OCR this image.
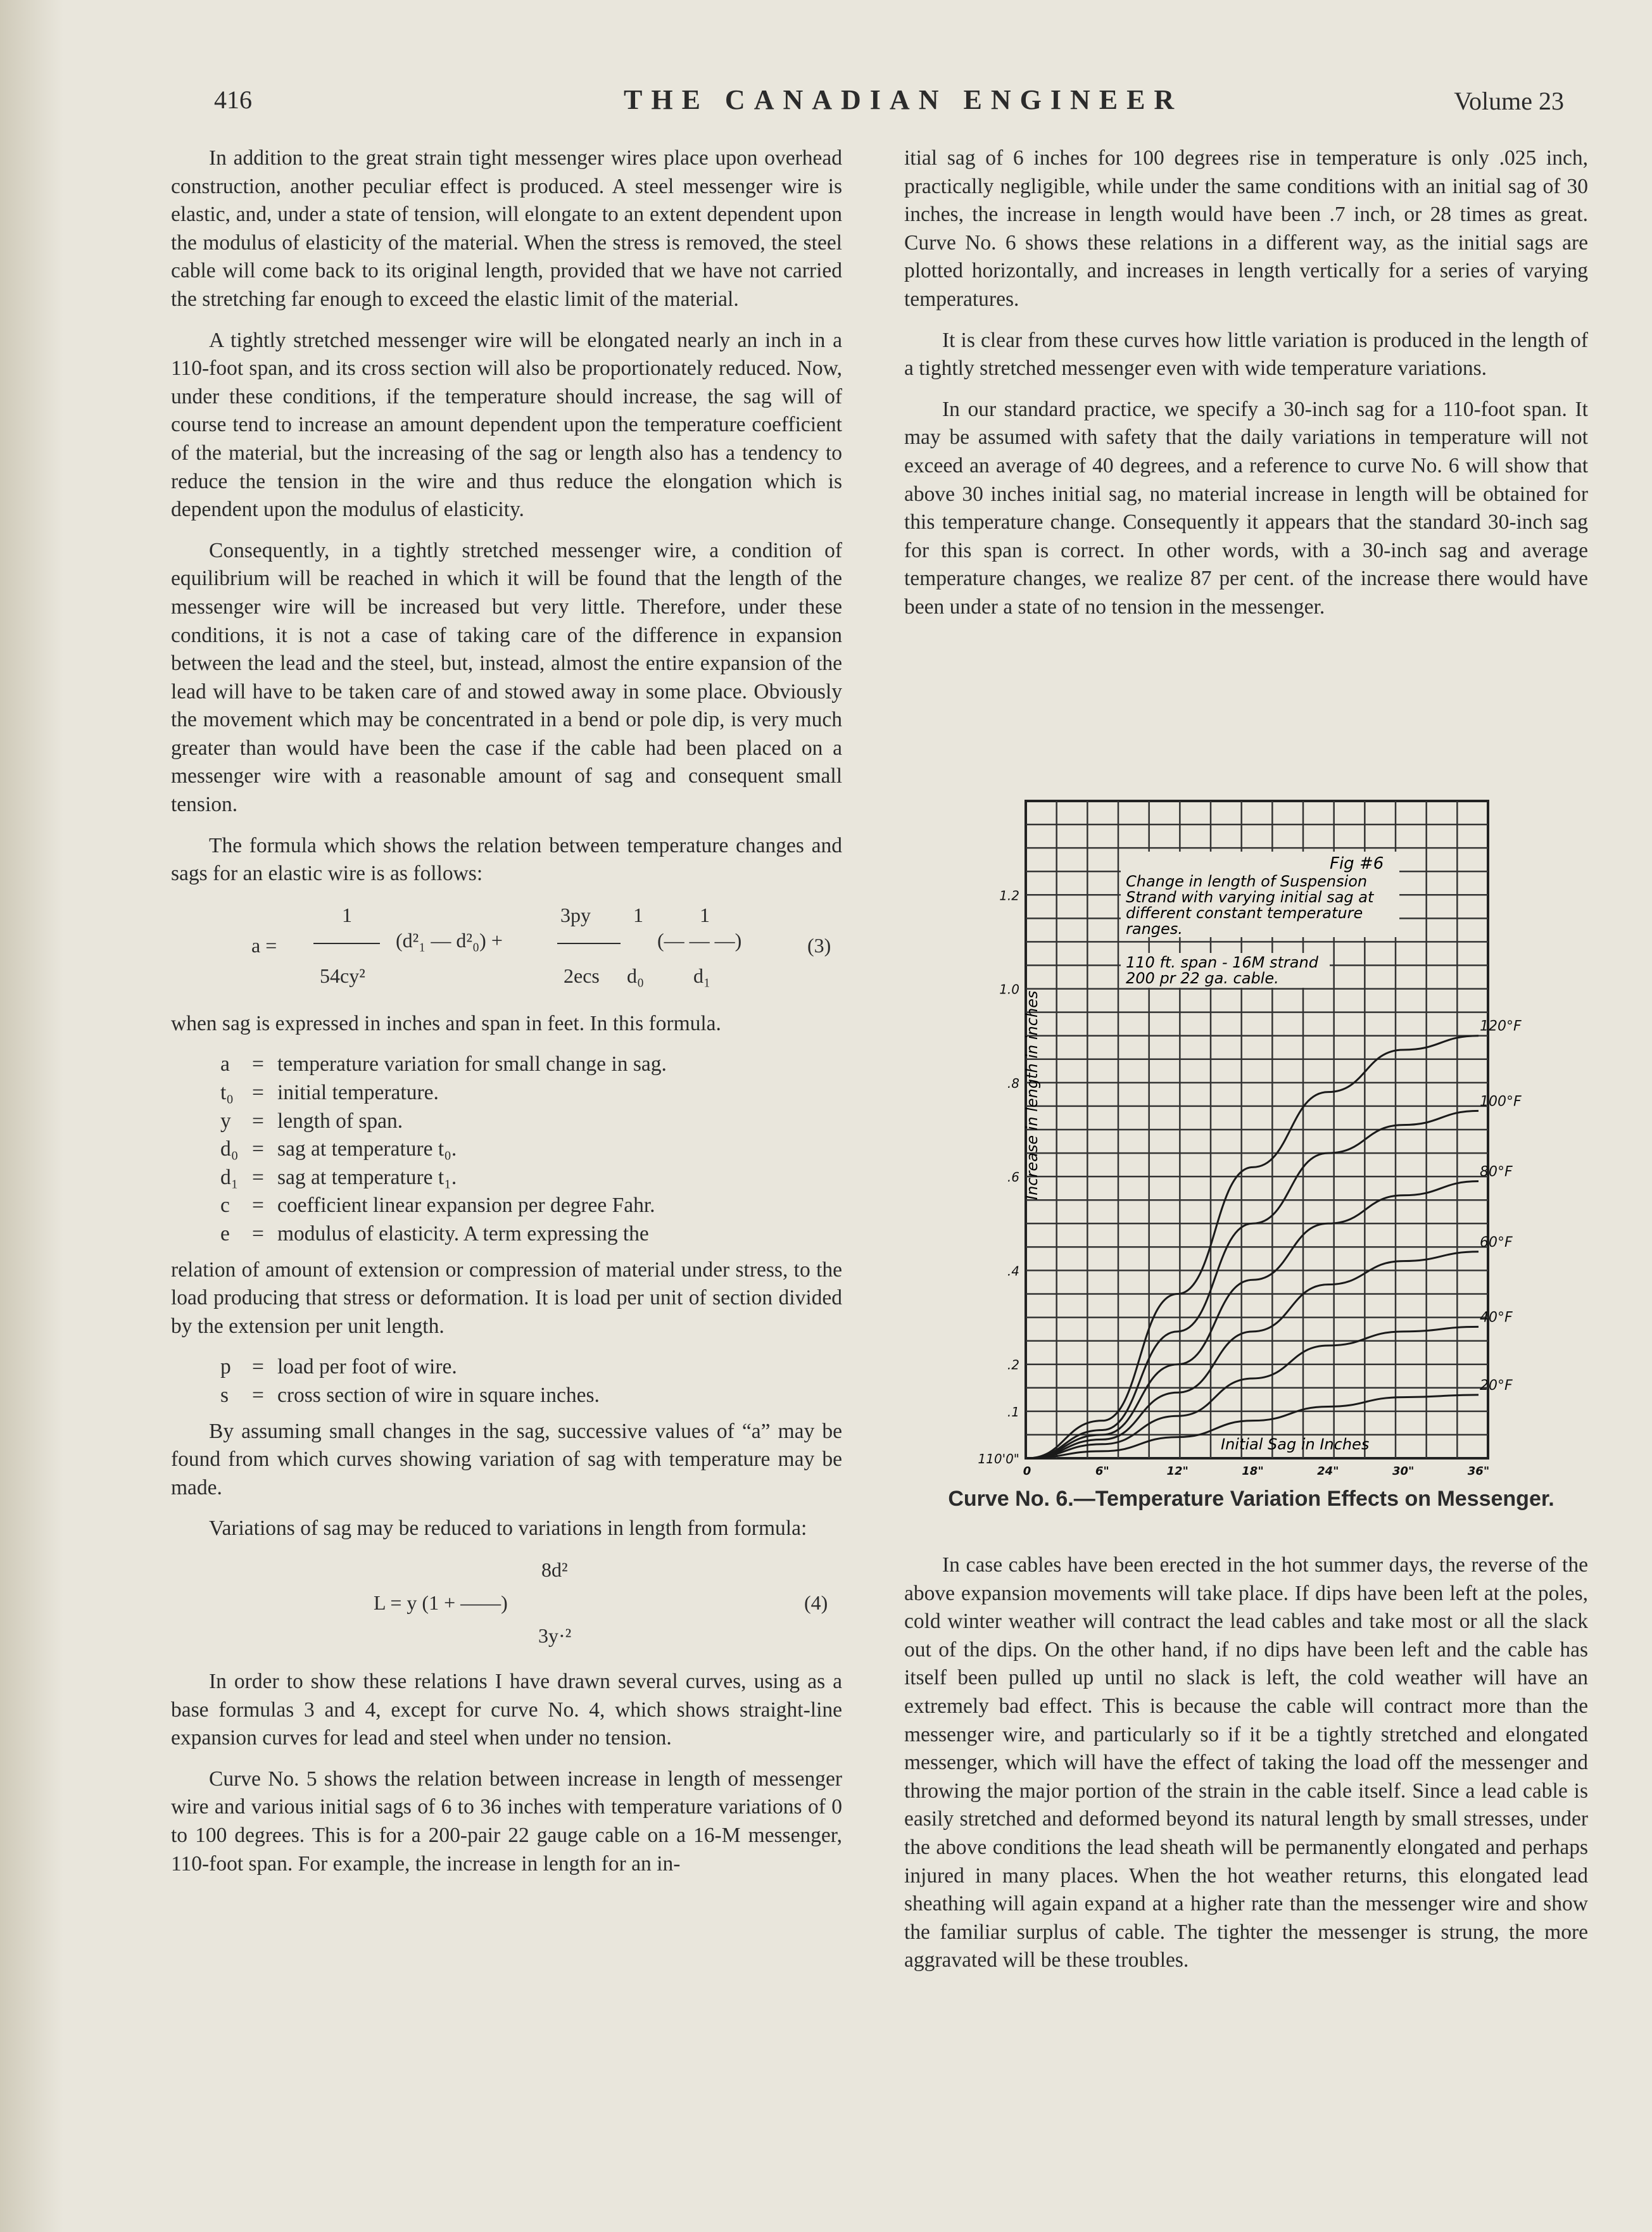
416	THE CANADIAN ENGINEER	Volume 23

In addition to the great strain tight messenger wires place upon overhead construction, another peculiar effect is produced. A steel messenger wire is elastic, and, under a state of tension, will elongate to an extent dependent upon the modulus of elasticity of the material. When the stress is removed, the steel cable will come back to its original length, provided that we have not carried the stretching far enough to exceed the elastic limit of the material.

A tightly stretched messenger wire will be elongated nearly an inch in a 110-foot span, and its cross section will also be proportionately reduced. Now, under these conditions, if the temperature should increase, the sag will of course tend to increase an amount dependent upon the temperature coefficient of the material, but the increasing of the sag or length also has a tendency to reduce the tension in the wire and thus reduce the elongation which is dependent upon the modulus of elasticity.

Consequently, in a tightly stretched messenger wire, a condition of equilibrium will be reached in which it will be found that the length of the messenger wire will be increased but very little. Therefore, under these conditions, it is not a case of taking care of the difference in expansion between the lead and the steel, but, instead, almost the entire expansion of the lead will have to be taken care of and stowed away in some place. Obviously the movement which may be concentrated in a bend or pole dip, is very much greater than would have been the case if the cable had been placed on a messenger wire with a reasonable amount of sag and consequent small tension.

The formula which shows the relation between temperature changes and sags for an elastic wire is as follows:

1
a =	(d²₁ — d²₀) +
54cy²
3py
2ecs
1
(— — —)
d₀
1
d₁
(3)

when sag is expressed in inches and span in feet. In this formula.

a = temperature variation for small change in sag.
t₀ = initial temperature.
y = length of span.
d₀ = sag at temperature t₀.
d₁ = sag at temperature t₁.
c = coefficient linear expansion per degree Fahr.
e = modulus of elasticity. A term expressing the

relation of amount of extension or compression of material under stress, to the load producing that stress or deformation. It is load per unit of section divided by the extension per unit length.

p = load per foot of wire.
s = cross section of wire in square inches.

By assuming small changes in the sag, successive values of “a” may be found from which curves showing variation of sag with temperature may be made.

Variations of sag may be reduced to variations in length from formula:

8d²
L = y (1 + ——)
3y·²
(4)

In order to show these relations I have drawn several curves, using as a base formulas 3 and 4, except for curve No. 4, which shows straight-line expansion curves for lead and steel when under no tension.

Curve No. 5 shows the relation between increase in length of messenger wire and various initial sags of 6 to 36 inches with temperature variations of 0 to 100 degrees. This is for a 200-pair 22 gauge cable on a 16-M messenger, 110-foot span. For example, the increase in length for an in-

itial sag of 6 inches for 100 degrees rise in temperature is only .025 inch, practically negligible, while under the same conditions with an initial sag of 30 inches, the increase in length would have been .7 inch, or 28 times as great. Curve No. 6 shows these relations in a different way, as the initial sags are plotted horizontally, and increases in length vertically for a series of varying temperatures.

It is clear from these curves how little variation is produced in the length of a tightly stretched messenger even with wide temperature variations.

In our standard practice, we specify a 30-inch sag for a 110-foot span. It may be assumed with safety that the daily variations in temperature will not exceed an average of 40 degrees, and a reference to curve No. 6 will show that above 30 inches initial sag, no material increase in length will be obtained for this temperature change. Consequently it appears that the standard 30-inch sag for this span is correct. In other words, with a 30-inch sag and average temperature changes, we realize 87 per cent. of the increase there would have been under a state of no tension in the messenger.

120°F
100°F
80°F
60°F
40°F
20°F
110'0"
.1
.2
.4
.6
.8
1.0
1.2
0	6"	12"	18"	24"	30"	36"
Fig #6
Change in length of Suspension
Strand with varying initial sag at
different constant temperature
ranges.
110 ft. span - 16M strand
200 pr 22 ga. cable.
Initial Sag in Inches
Increase in length in inches
Curve No. 6.—Temperature Variation Effects on Messenger.

In case cables have been erected in the hot summer days, the reverse of the above expansion movements will take place. If dips have been left at the poles, cold winter weather will contract the lead cables and take most or all the slack out of the dips. On the other hand, if no dips have been left and the cable has itself been pulled up until no slack is left, the cold weather will have an extremely bad effect. This is because the cable will contract more than the messenger wire, and particularly so if it be a tightly stretched and elongated messenger, which will have the effect of taking the load off the messenger and throwing the major portion of the strain in the cable itself. Since a lead cable is easily stretched and deformed beyond its natural length by small stresses, under the above conditions the lead sheath will be permanently elongated and perhaps injured in many places. When the hot weather returns, this elongated lead sheathing will again expand at a higher rate than the messenger wire and show the familiar surplus of cable. The tighter the messenger is strung, the more aggravated will be these troubles.
